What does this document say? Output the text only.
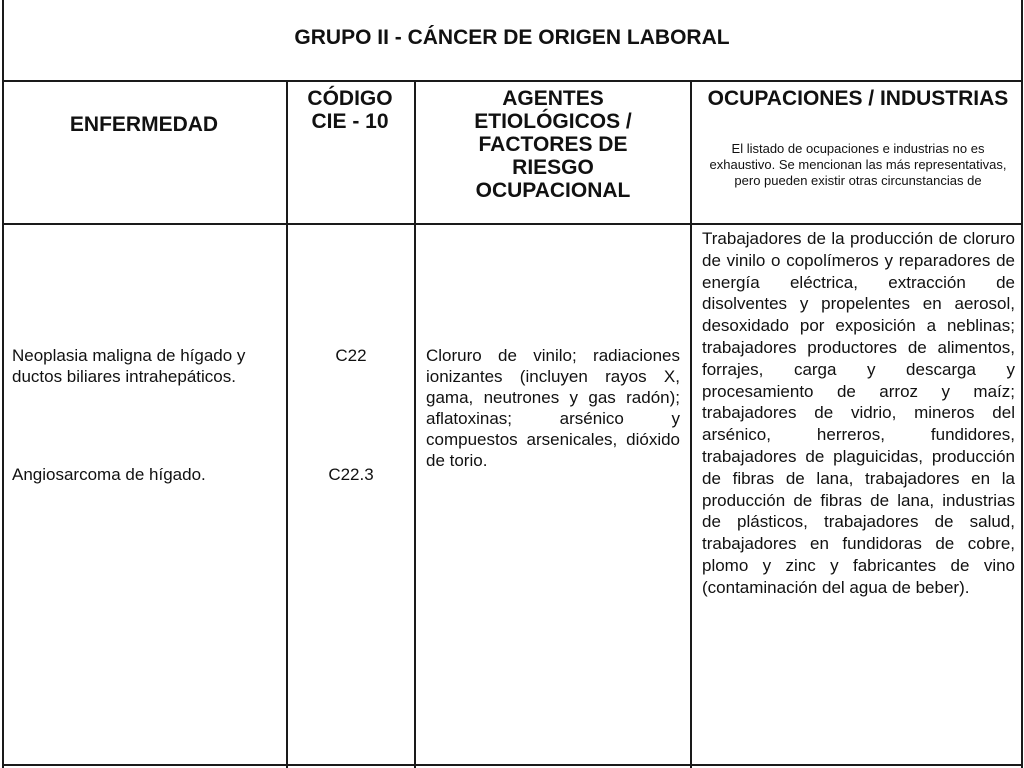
GRUPO II - CÁNCER DE ORIGEN LABORAL
ENFERMEDAD
CÓDIGO CIE - 10
AGENTES ETIOLÓGICOS / FACTORES DE RIESGO OCUPACIONAL
OCUPACIONES / INDUSTRIAS
El listado de ocupaciones e industrias no es exhaustivo. Se mencionan las más representativas, pero pueden existir otras circunstancias de
Neoplasia maligna de hígado y ductos biliares intrahepáticos.
Angiosarcoma de hígado.
C22
C22.3
Cloruro de vinilo; radiaciones ionizantes (incluyen rayos X, gama, neutrones y gas radón); aflatoxinas; arsénico y compuestos arsenicales, dióxido de torio.
Trabajadores de la producción de cloruro de vinilo o copolímeros y reparadores de energía eléctrica, extracción de disolventes y propelentes en aerosol, desoxidado por exposición a neblinas; trabajadores productores de alimentos, forrajes, carga y descarga y procesamiento de arroz y maíz; trabajadores de vidrio, mineros del arsénico, herreros, fundidores, trabajadores de plaguicidas, producción de fibras de lana, trabajadores en la producción de fibras de lana, industrias de plásticos, trabajadores de salud, trabajadores en fundidoras de cobre, plomo y zinc y fabricantes de vino (contaminación del agua de beber).
